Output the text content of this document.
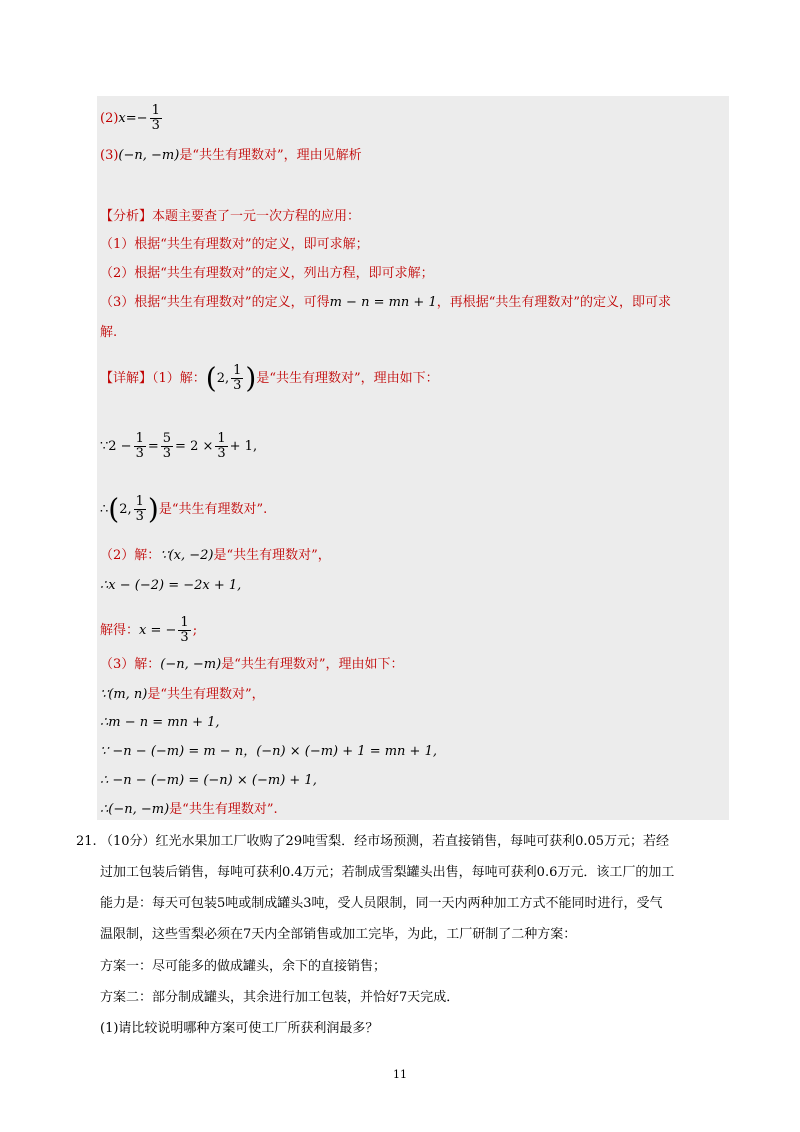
$(2)x=- \frac{1}{3}$
(3)(−n, −m)是“共生有理数对”，理由见解析
【分析】本题主要查了一元一次方程的应用：
（1）根据“共生有理数对”的定义，即可求解；
（2）根据“共生有理数对”的定义，列出方程，即可求解；
（3）根据“共生有理数对”的定义，可得m − n = mn + 1，再根据“共生有理数对”的定义，即可求
解.
【详解】（1）解：(2, $\frac{1}{3}$ )是“共生有理数对”，理由如下：
∵2 − $\frac{1}{3} = \frac{5}{3} = 2 \times \frac{1}{3} + 1$,
∴(2, $\frac{1}{3}$ )是“共生有理数对”.
（2）解：∵(x, −2)是“共生有理数对”，
∴x − (−2) = −2x + 1,
解得：x = − $\frac{1}{3}$ ;
（3）解：(−n, −m)是“共生有理数对”，理由如下：
∵(m, n)是“共生有理数对”，
∴m − n = mn + 1,
∵ −n − (−m) = m − n，(−n) × (−m) + 1 = mn + 1,
∴ −n − (−m) = (−n) × (−m) + 1,
∴(−n, −m)是“共生有理数对”.
21. （10分）红光水果加工厂收购了29吨雪梨．经市场预测，若直接销售，每吨可获利0.05万元；若经
过加工包装后销售，每吨可获利0.4万元；若制成雪梨罐头出售，每吨可获利0.6万元．该工厂的加工
能力是：每天可包装5吨或制成罐头3吨，受人员限制，同一天内两种加工方式不能同时进行，受气
温限制，这些雪梨必须在7天内全部销售或加工完毕，为此，工厂研制了二种方案：
方案一：尽可能多的做成罐头，余下的直接销售；
方案二：部分制成罐头，其余进行加工包装，并恰好7天完成．
(1)请比较说明哪种方案可使工厂所获利润最多？
11
